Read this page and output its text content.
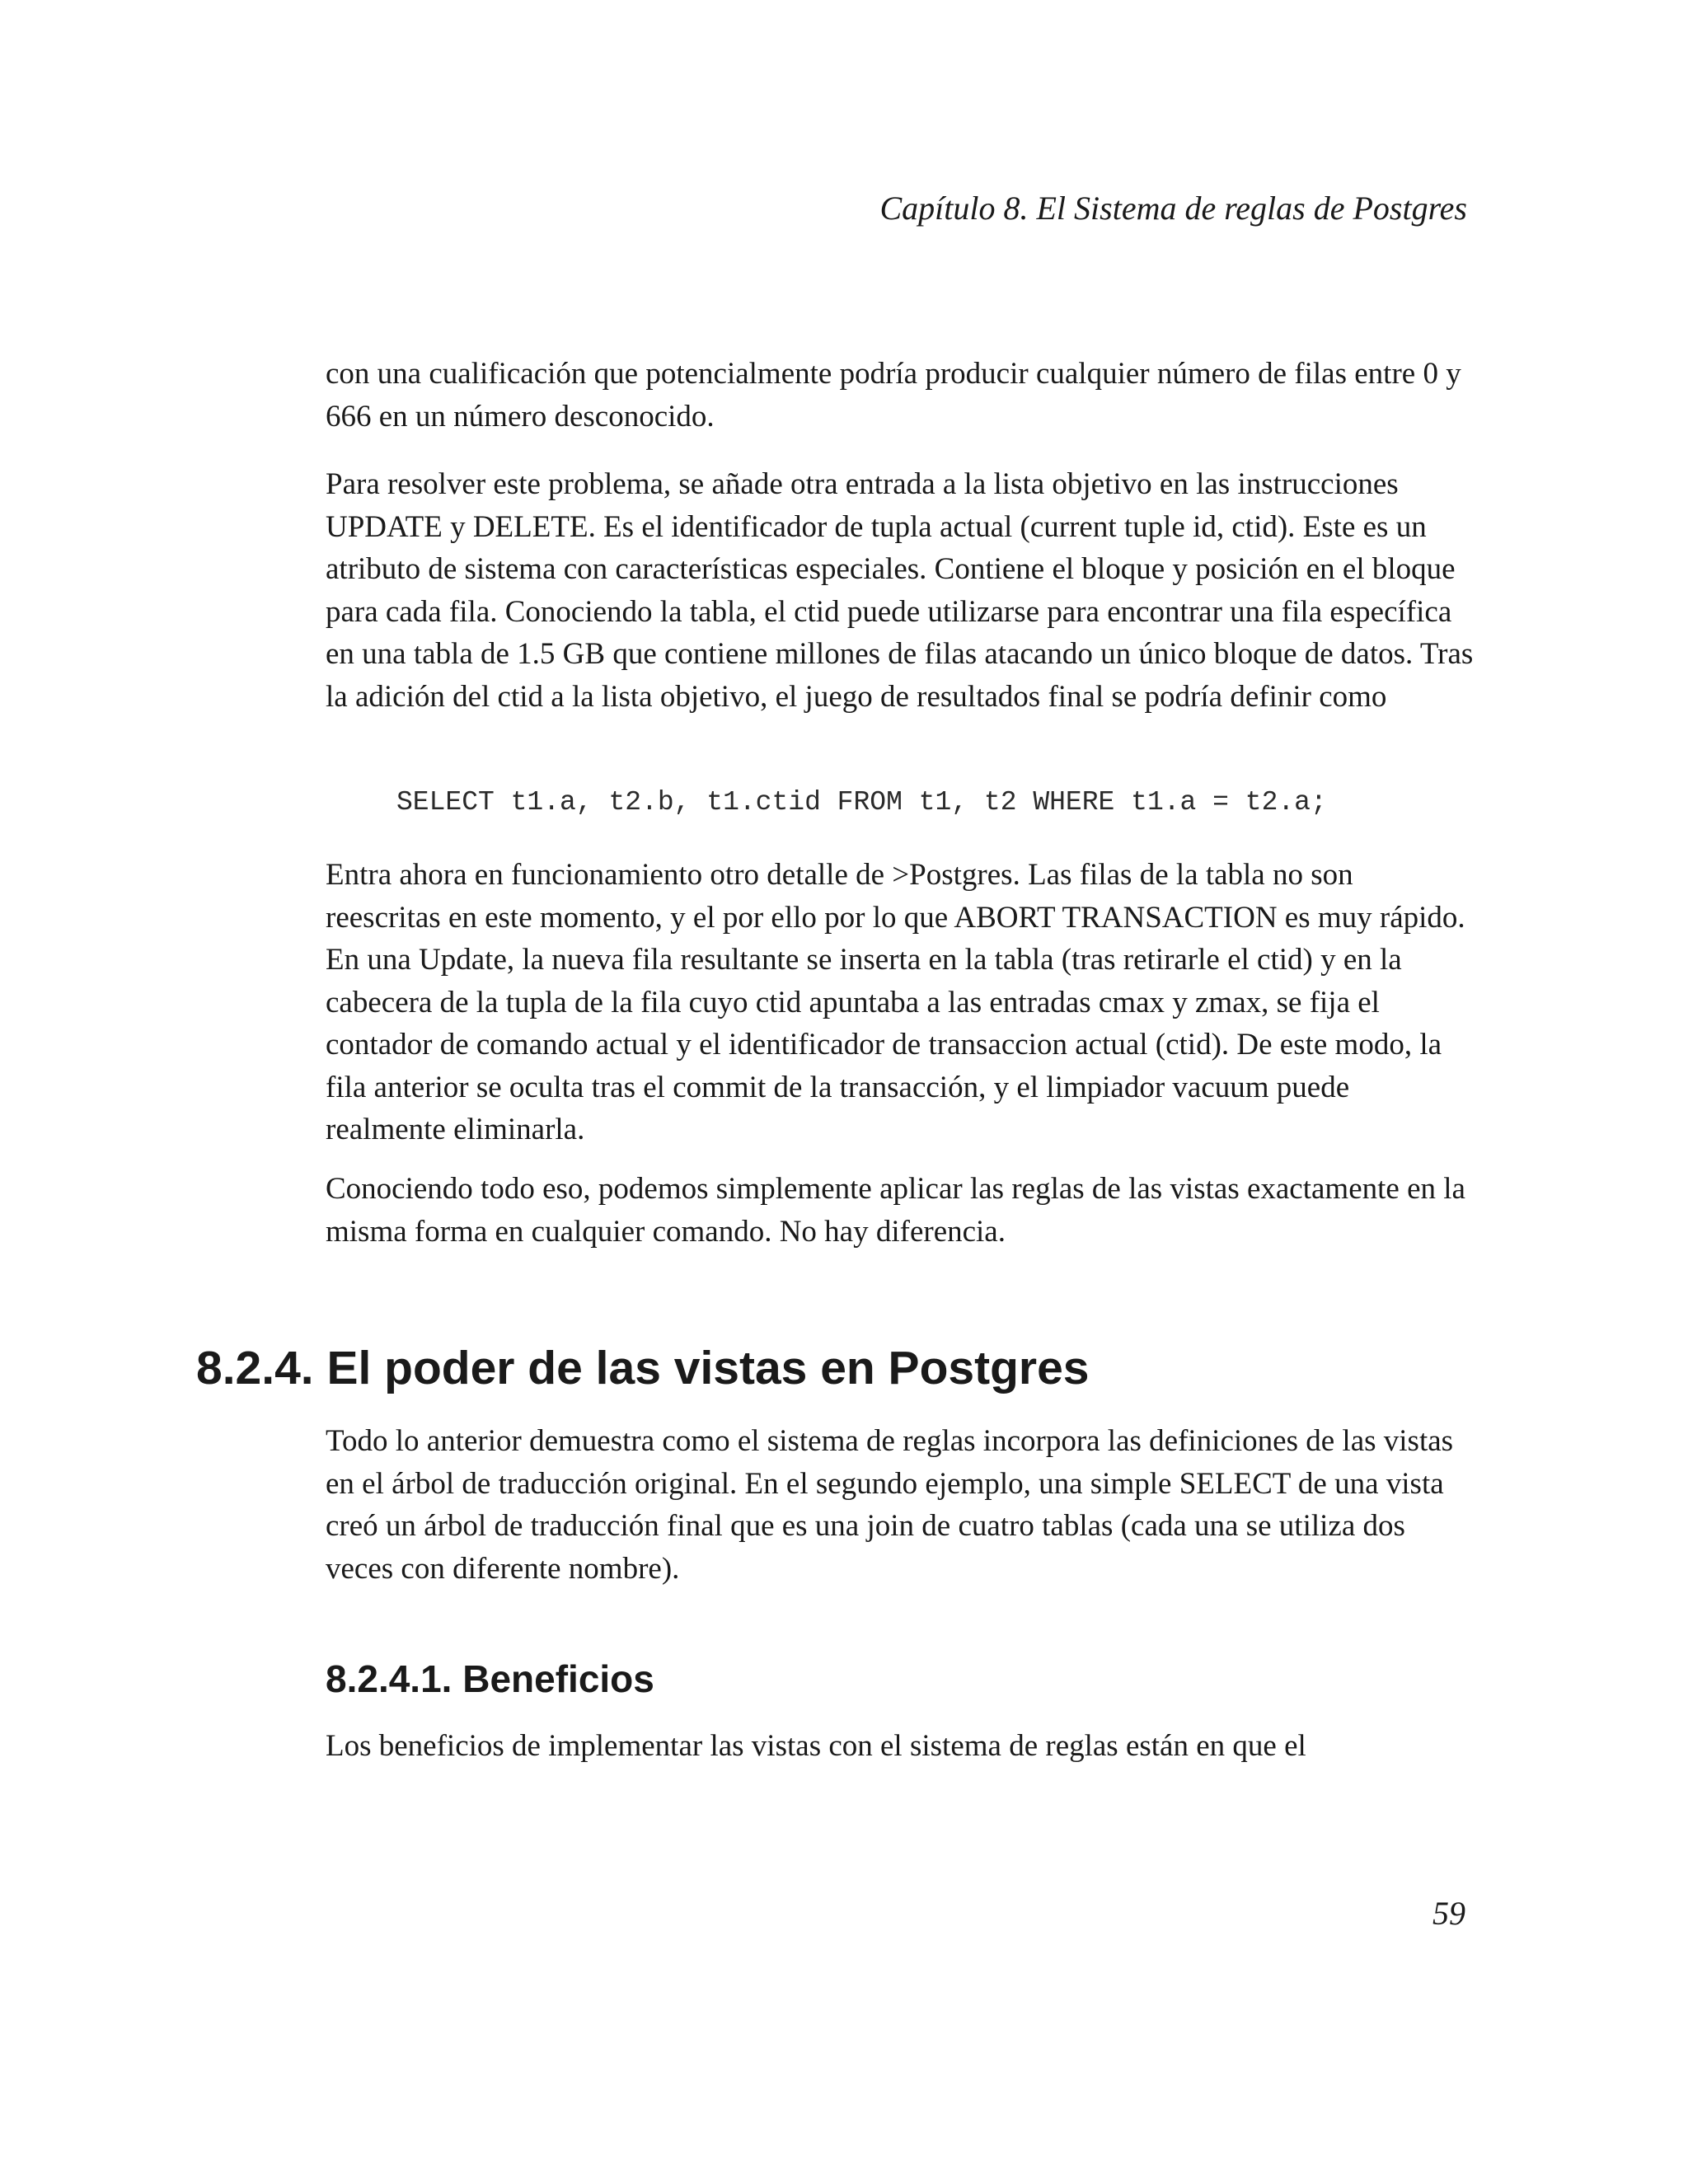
Capítulo 8. El Sistema de reglas de Postgres

con una cualificación que potencialmente podría producir cualquier número de filas entre 0 y 666 en un número desconocido.

Para resolver este problema, se añade otra entrada a la lista objetivo en las instrucciones UPDATE y DELETE. Es el identificador de tupla actual (current tuple id, ctid). Este es un atributo de sistema con características especiales. Contiene el bloque y posición en el bloque para cada fila. Conociendo la tabla, el ctid puede utilizarse para encontrar una fila específica en una tabla de 1.5 GB que contiene millones de filas atacando un único bloque de datos. Tras la adición del ctid a la lista objetivo, el juego de resultados final se podría definir como

SELECT t1.a, t2.b, t1.ctid FROM t1, t2 WHERE t1.a = t2.a;

Entra ahora en funcionamiento otro detalle de >Postgres. Las filas de la tabla no son reescritas en este momento, y el por ello por lo que ABORT TRANSACTION es muy rápido. En una Update, la nueva fila resultante se inserta en la tabla (tras retirarle el ctid) y en la cabecera de la tupla de la fila cuyo ctid apuntaba a las entradas cmax y zmax, se fija el contador de comando actual y el identificador de transaccion actual (ctid). De este modo, la fila anterior se oculta tras el commit de la transacción, y el limpiador vacuum puede realmente eliminarla.

Conociendo todo eso, podemos simplemente aplicar las reglas de las vistas exactamente en la misma forma en cualquier comando. No hay diferencia.

8.2.4. El poder de las vistas en Postgres

Todo lo anterior demuestra como el sistema de reglas incorpora las definiciones de las vistas en el árbol de traducción original. En el segundo ejemplo, una simple SELECT de una vista creó un árbol de traducción final que es una join de cuatro tablas (cada una se utiliza dos veces con diferente nombre).

8.2.4.1. Beneficios

Los beneficios de implementar las vistas con el sistema de reglas están en que el

59
